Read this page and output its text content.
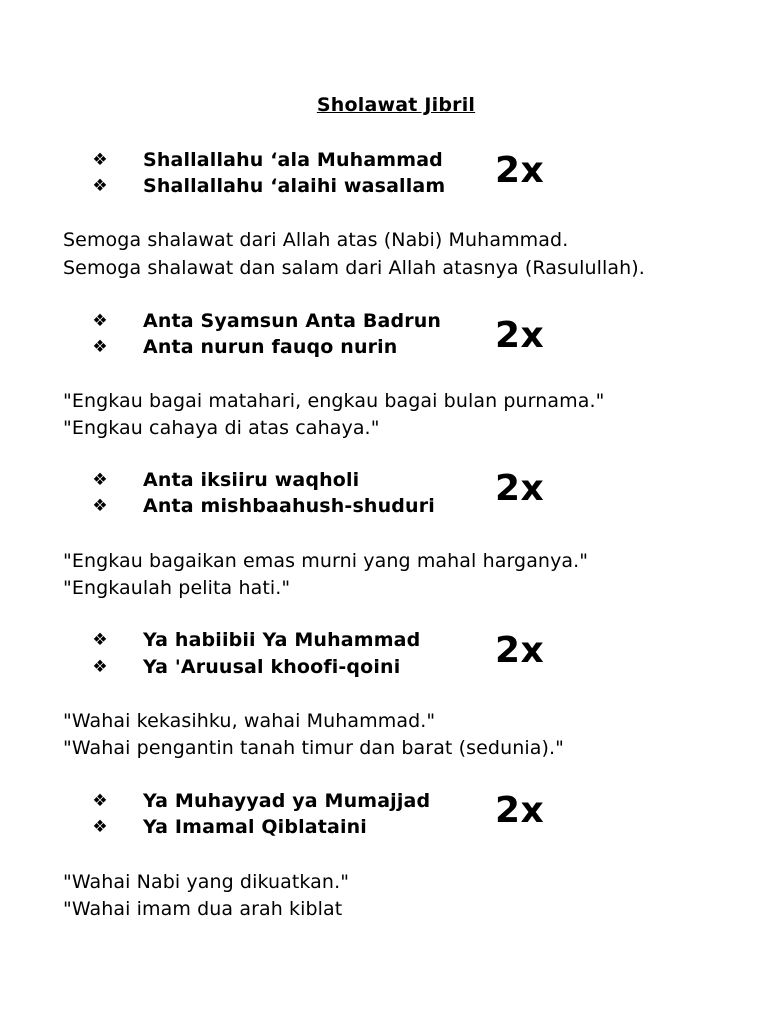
Sholawat Jibril
❖ Shallallahu ‘ala Muhammad
❖ Shallallahu ‘alaihi wasallam 2x
Semoga shalawat dari Allah atas (Nabi) Muhammad.
Semoga shalawat dan salam dari Allah atasnya (Rasulullah).
❖ Anta Syamsun Anta Badrun
❖ Anta nurun fauqo nurin	2x
"Engkau bagai matahari, engkau bagai bulan purnama."
"Engkau cahaya di atas cahaya."
❖ Anta iksiiru waqholi
❖ Anta mishbaahush-shuduri 2x
"Engkau bagaikan emas murni yang mahal harganya."
"Engkaulah pelita hati."
❖ Ya habiibii Ya Muhammad
❖ Ya 'Aruusal khoofi-qoini	2x
"Wahai kekasihku, wahai Muhammad."
"Wahai pengantin tanah timur dan barat (sedunia)."
❖ Ya Muhayyad ya Mumajjad
❖ Ya Imamal Qiblataini	2x
"Wahai Nabi yang dikuatkan."
"Wahai imam dua arah kiblat
